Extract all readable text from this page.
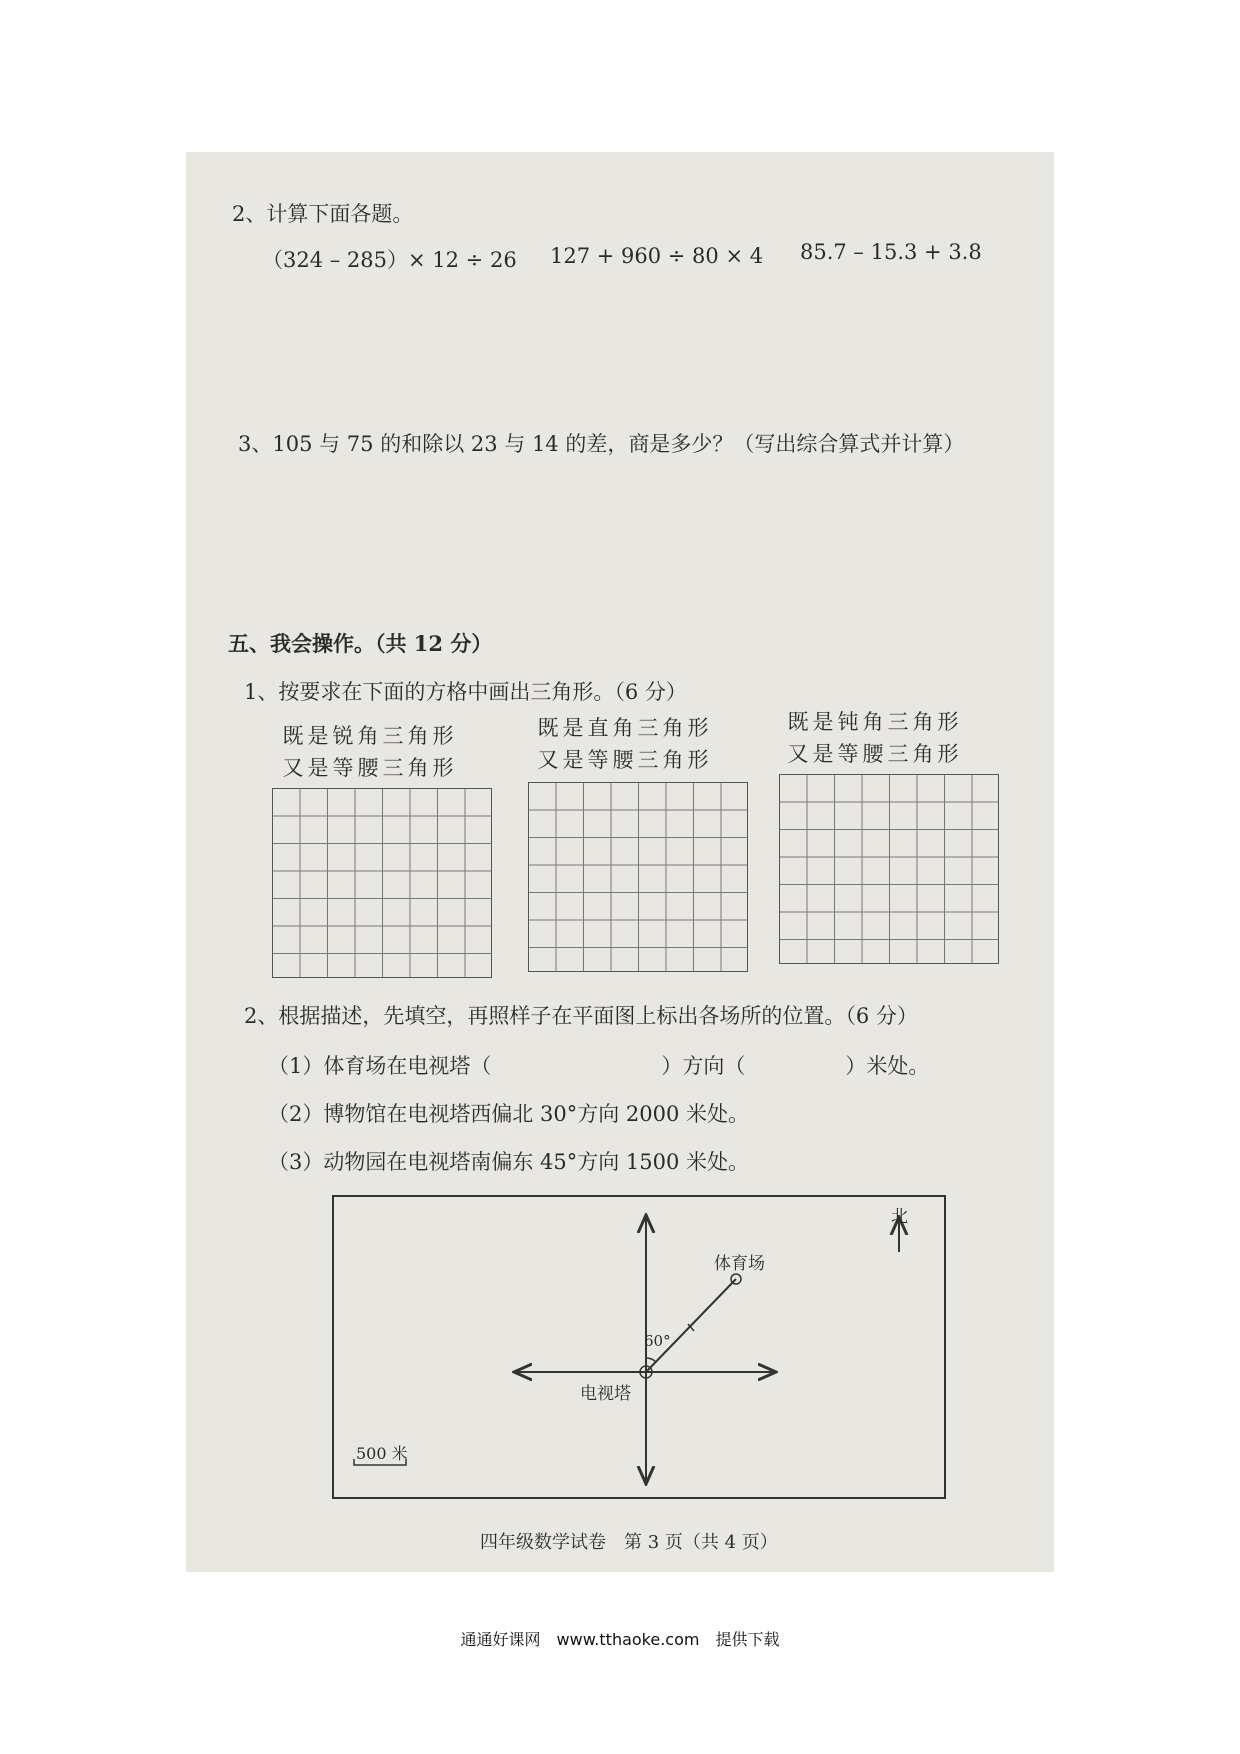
2、计算下面各题。
（324 – 285）× 12 ÷ 26 127 + 960 ÷ 80 × 4 85.7 – 15.3 + 3.8
3、105 与 75 的和除以 23 与 14 的差，商是多少？（写出综合算式并计算）
五、我会操作。（共 12 分）
1、按要求在下面的方格中画出三角形。（6 分）
既是锐角三角形
又是等腰三角形
既是直角三角形
又是等腰三角形
既是钝角三角形
又是等腰三角形
2、根据描述，先填空，再照样子在平面图上标出各场所的位置。（6 分）
（1）体育场在电视塔（	）方向（	）米处。
（2）博物馆在电视塔西偏北 30°方向 2000 米处。
（3）动物园在电视塔南偏东 45°方向 1500 米处。
北
体育场
电视塔
60°
500 米
四年级数学试卷　第 3 页（共 4 页）
通通好课网　www.tthaoke.com　提供下载
